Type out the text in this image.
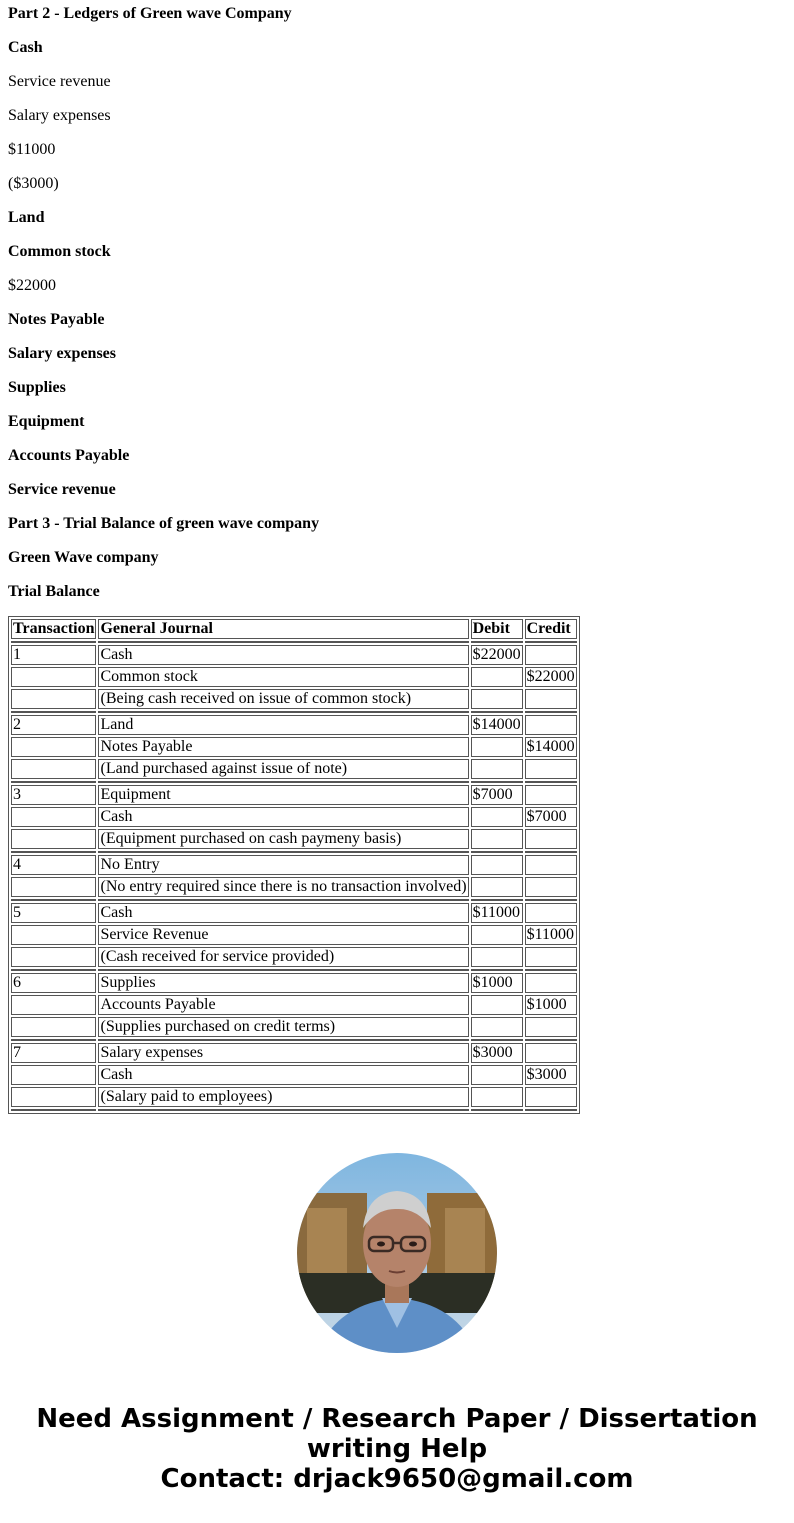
Part 2 - Ledgers of Green wave Company

Cash

Service revenue

Salary expenses

$11000

($3000)

Land

Common stock

$22000

Notes Payable

Salary expenses

Supplies

Equipment

Accounts Payable

Service revenue

Part 3 - Trial Balance of green wave company

Green Wave company

Trial Balance

Transaction	General Journal	Debit	Credit

1	Cash	$22000	
	Common stock		$22000
	(Being cash received on issue of common stock)		

2	Land	$14000	
	Notes Payable		$14000
	(Land purchased against issue of note)		

3	Equipment	$7000	
	Cash		$7000
	(Equipment purchased on cash paymeny basis)		

4	No Entry		
	(No entry required since there is no transaction involved)		

5	Cash	$11000	
	Service Revenue		$11000
	(Cash received for service provided)		

6	Supplies	$1000	
	Accounts Payable		$1000
	(Supplies purchased on credit terms)		

7	Salary expenses	$3000	
	Cash		$3000
	(Salary paid to employees)		

Need Assignment / Research Paper / Dissertation
writing Help
Contact: drjack9650@gmail.com
